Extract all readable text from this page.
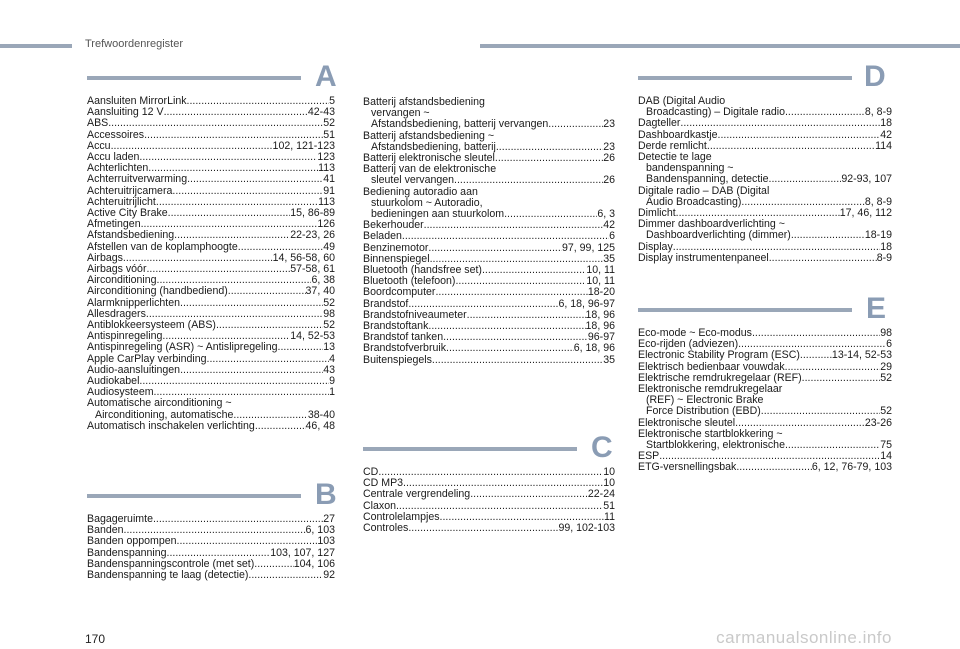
Trefwoordenregister
A
Aansluiten MirrorLink .....	5
Aansluiting 12 V .....	42-43
ABS .....	52
Accessoires .....	51
Accu .....	102, 121-123
Accu laden .....	123
Achterlichten .....	113
Achterruitverwarming .....	41
Achteruitrijcamera .....	91
Achteruitrijlicht .....	113
Active City Brake .....	15, 86-89
Afmetingen .....	126
Afstandsbediening .....	22-23, 26
Afstellen van de koplamphoogte .....	49
Airbags .....	14, 56-58, 60
Airbags vóór .....	57-58, 61
Airconditioning .....	6, 38
Airconditioning (handbediend) .....	37, 40
Alarmknipperlichten .....	52
Allesdragers .....	98
Antiblokkeersysteem (ABS) .....	52
Antispinregeling .....	14, 52-53
Antispinregeling (ASR) ~ Antislipregeling .....	13
Apple CarPlay verbinding .....	4
Audio-aansluitingen .....	43
Audiokabel .....	9
Audiosysteem .....	1
Automatische airconditioning ~
Airconditioning, automatische .....	38-40
Automatisch inschakelen verlichting .....	46, 48
B
Bagageruimte .....	27
Banden .....	6, 103
Banden oppompen .....	103
Bandenspanning .....	103, 107, 127
Bandenspanningscontrole (met set) .....	104, 106
Bandenspanning te laag (detectie) .....	92
Batterij afstandsbediening
vervangen ~
Afstandsbediening, batterij vervangen .....	23
Batterij afstandsbediening ~
Afstandsbediening, batterij .....	23
Batterij elektronische sleutel .....	26
Batterij van de elektronische
sleutel vervangen .....	26
Bediening autoradio aan
stuurkolom ~ Autoradio,
bedieningen aan stuurkolom .....	6, 3
Bekerhouder .....	42
Beladen .....	6
Benzinemotor .....	97, 99, 125
Binnenspiegel .....	35
Bluetooth (handsfree set) .....	10, 11
Bluetooth (telefoon) .....	10, 11
Boordcomputer .....	18-20
Brandstof .....	6, 18, 96-97
Brandstofniveaumeter .....	18, 96
Brandstoftank .....	18, 96
Brandstof tanken .....	96-97
Brandstofverbruik .....	6, 18, 96
Buitenspiegels .....	35
C
CD .....	10
CD MP3 .....	10
Centrale vergrendeling .....	22-24
Claxon .....	51
Controlelampjes .....	11
Controles .....	99, 102-103
D
DAB (Digital Audio
Broadcasting) – Digitale radio .....	8, 8-9
Dagteller .....	18
Dashboardkastje .....	42
Derde remlicht .....	114
Detectie te lage
bandenspanning ~
Bandenspanning, detectie .....	92-93, 107
Digitale radio – DAB (Digital
Audio Broadcasting) .....	8, 8-9
Dimlicht .....	17, 46, 112
Dimmer dashboardverlichting ~
Dashboardverlichting (dimmer) .....	18-19
Display .....	18
Display instrumentenpaneel .....	8-9
E
Eco-mode ~ Eco-modus .....	98
Eco-rijden (adviezen) .....	6
Electronic Stability Program (ESC) .....	13-14, 52-53
Elektrisch bedienbaar vouwdak .....	29
Elektrische remdrukregelaar (REF) .....	52
Elektronische remdrukregelaar
(REF) ~ Electronic Brake
Force Distribution (EBD) .....	52
Elektronische sleutel .....	23-26
Elektronische startblokkering ~
Startblokkering, elektronische .....	75
ESP .....	14
ETG-versnellingsbak .....	6, 12, 76-79, 103
170	carmanualsonline.info
